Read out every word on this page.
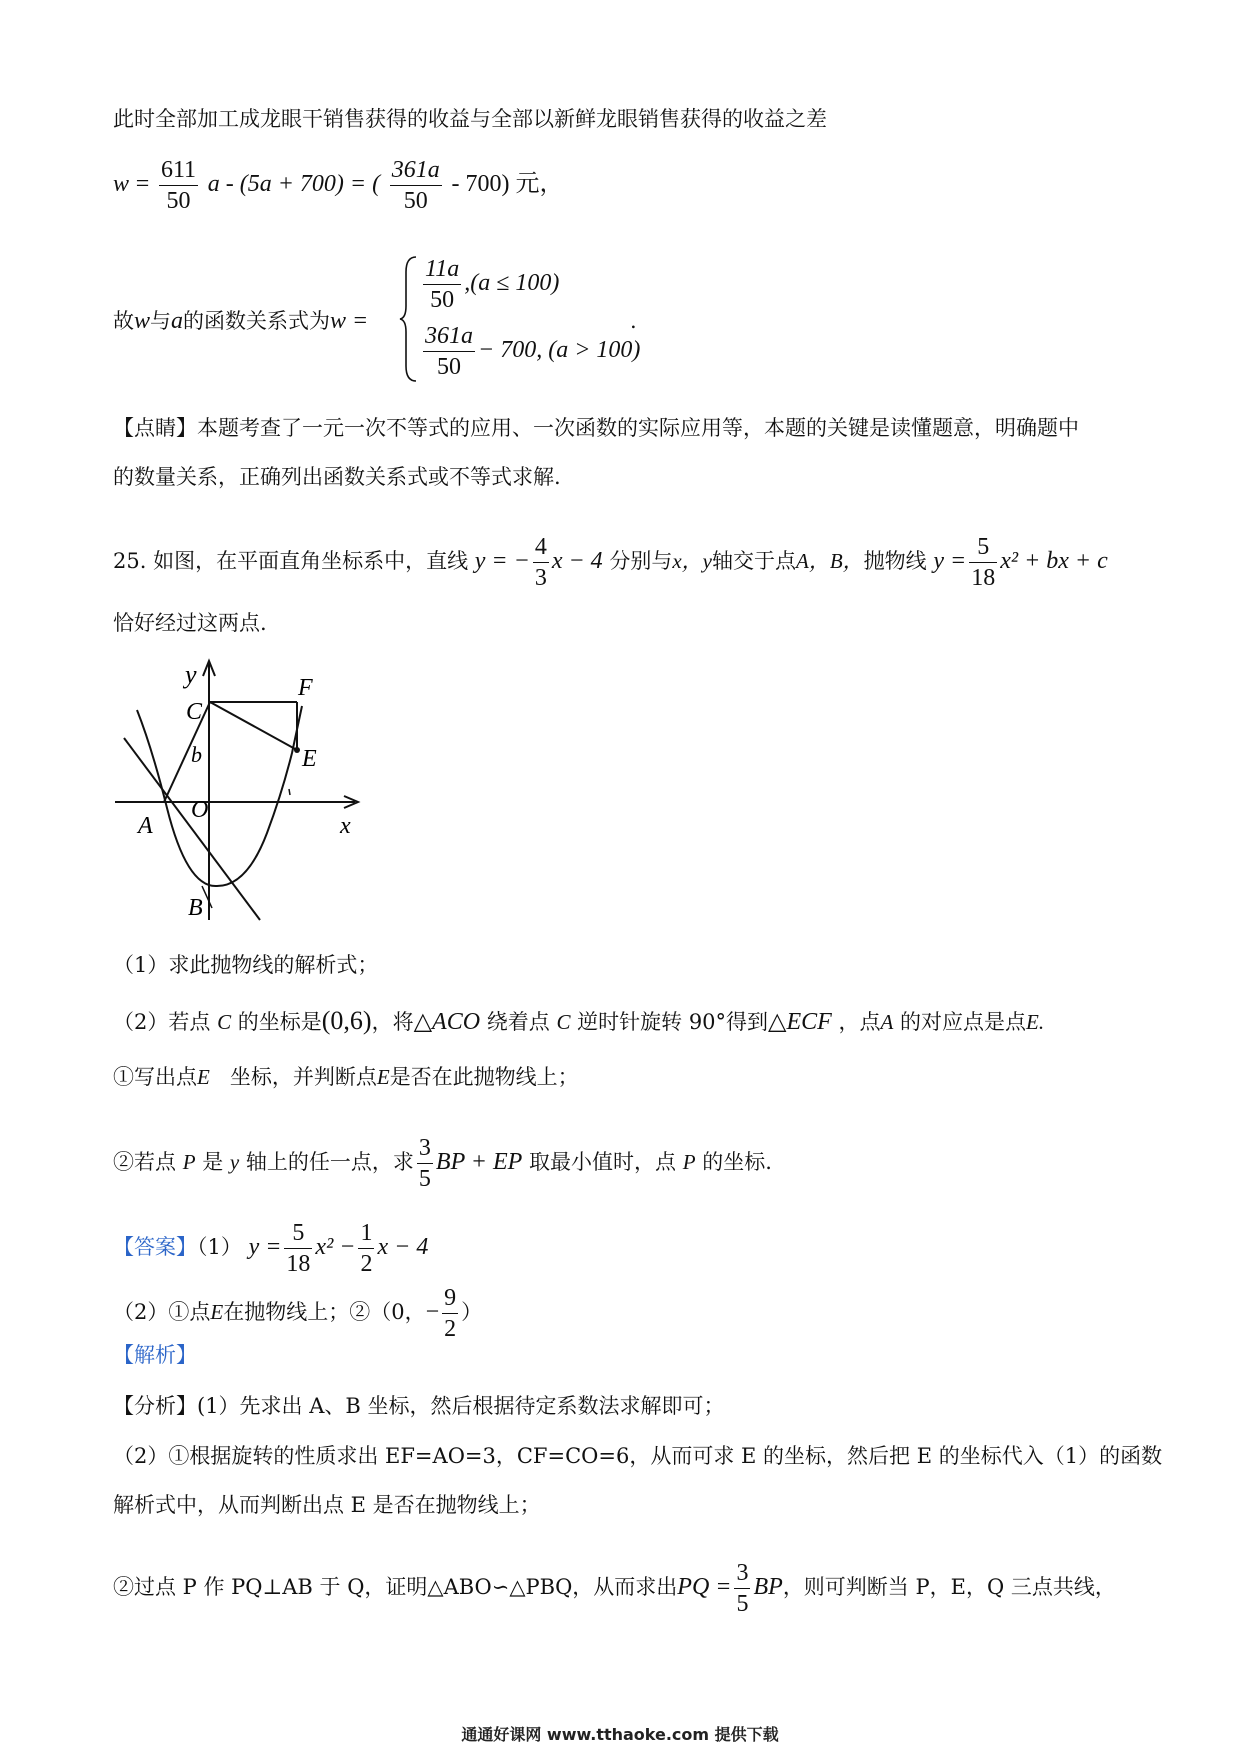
此时全部加工成龙眼干销售获得的收益与全部以新鲜龙眼销售获得的收益之差
$w = \frac{611}{50}$ a - (5a + 700) = ( $\frac{361a}{50} - 700$) 元，
故w与a的函数关系式为w =
$\frac{11a}{50} ,(a \le 100)$
$\frac{361a}{50} - 700$, (a > 100)
.
【点睛】本题考查了一元一次不等式的应用、一次函数的实际应用等，本题的关键是读懂题意，明确题中
的数量关系，正确列出函数关系式或不等式求解.
25. 如图，在平面直角坐标系中，直线 y = − $\frac{4}{3}$ x − 4 分别与x，y轴交于点A，B，抛物线 $y = \frac{5}{18} x^2$ + bx + c
恰好经过这两点.
y
C
F
E
b
A
O
x
B
（1）求此抛物线的解析式；
（2）若点 C 的坐标是(0,6)，将△ACO 绕着点 C 逆时针旋转 90°得到△ECF ，点A 的对应点是点E.
①写出点E 坐标，并判断点E是否在此抛物线上；
②若点 P 是 y 轴上的任一点，求 $\frac{3}{5}$ BP + EP 取最小值时，点 P 的坐标.
【答案】（1） $y = \frac{5}{18} x^2 - \frac{1}{2}$ x − 4
（2）①点E在抛物线上；②（0，− $\frac{9}{2}$ ）
【解析】
【分析】(1）先求出 A、B 坐标，然后根据待定系数法求解即可；
（2）①根据旋转的性质求出 EF=AO=3，CF=CO=6，从而可求 E 的坐标，然后把 E 的坐标代入（1）的函数
解析式中，从而判断出点 E 是否在抛物线上；
②过点 P 作 PQ⊥AB 于 Q，证明△ABO∽△PBQ，从而求出PQ = $\frac{3}{5}$ BP，则可判断当 P，E，Q 三点共线，
通通好课网 www.tthaoke.com 提供下载
